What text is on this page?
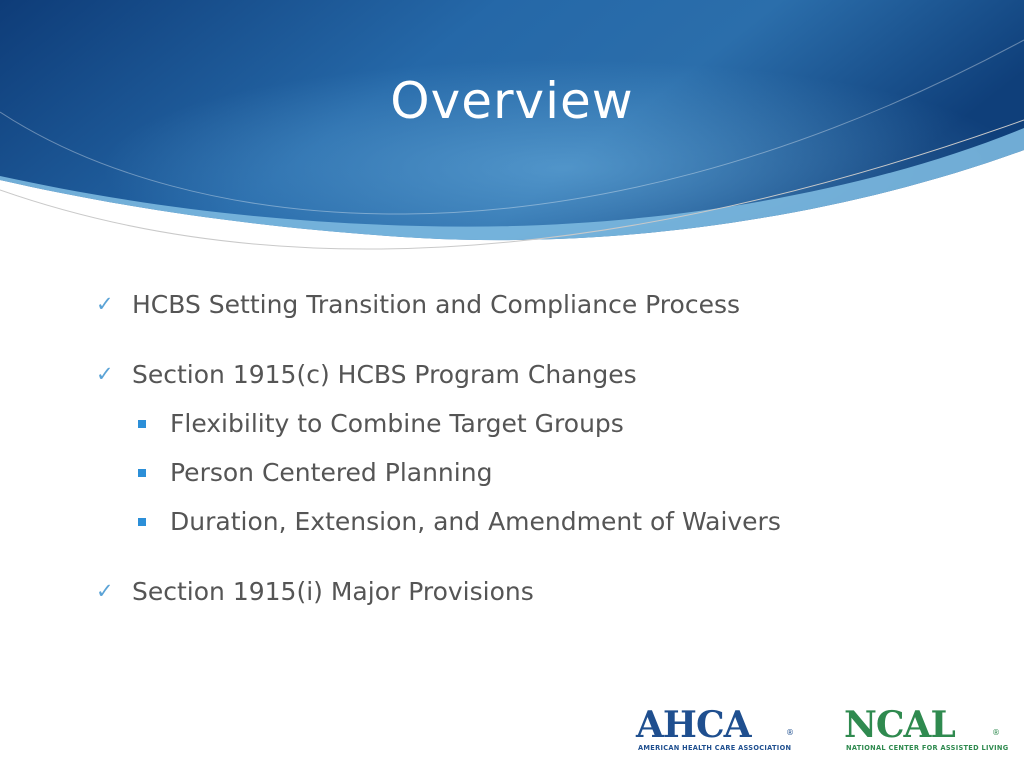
Overview
✓ HCBS Setting Transition and Compliance Process
✓ Section 1915(c) HCBS Program Changes
Flexibility to Combine Target Groups
Person Centered Planning
Duration, Extension, and Amendment of Waivers
✓ Section 1915(i) Major Provisions
AHCA	®
AMERICAN HEALTH CARE ASSOCIATION
NCAL	®
NATIONAL CENTER FOR ASSISTED LIVING
